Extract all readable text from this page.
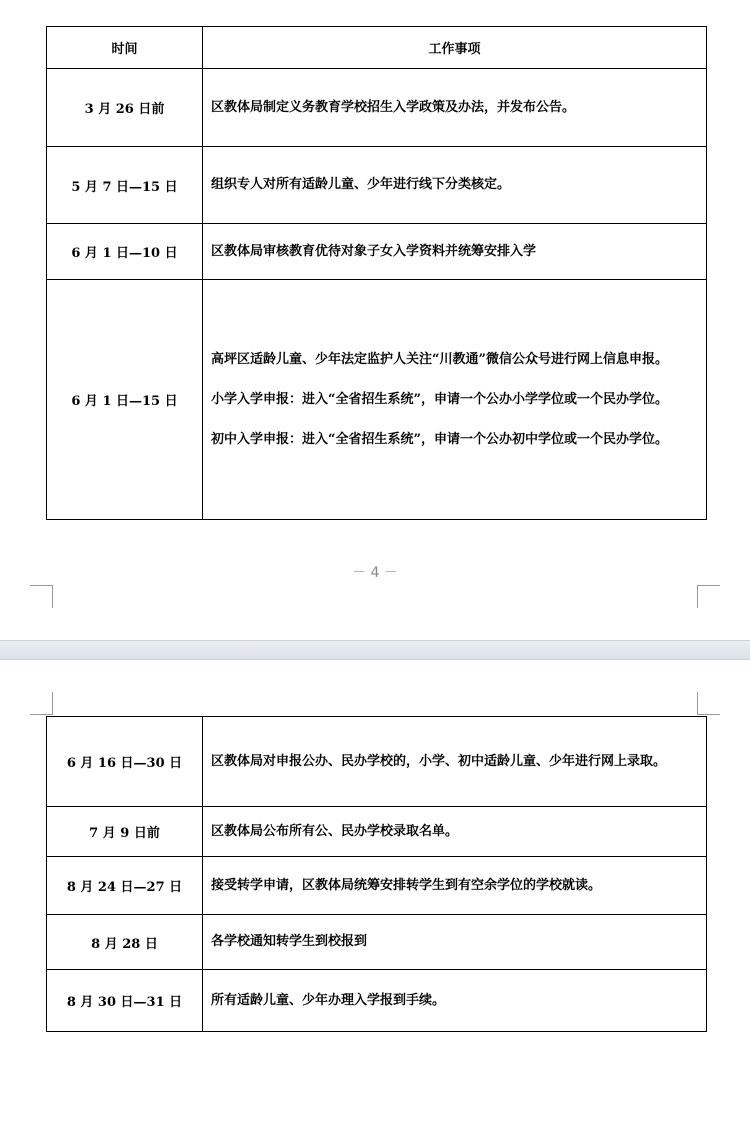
时间	工作事项
3 月 26 日前	区教体局制定义务教育学校招生入学政策及办法，并发布公告。

5 月 7 日—15 日	组织专人对所有适龄儿童、少年进行线下分类核定。

6 月 1 日—10 日	区教体局审核教育优待对象子女入学资料并统筹安排入学

6 月 1 日—15 日	高坪区适龄儿童、少年法定监护人关注“川教通”微信公众号进行网上信息申报。
小学入学申报：进入“全省招生系统”，申请一个公办小学学位或一个民办学位。
初中入学申报：进入“全省招生系统”，申请一个公办初中学位或一个民办学位。
－ 4 －
6 月 16 日—30 日	区教体局对申报公办、民办学校的，小学、初中适龄儿童、少年进行网上录取。

7 月 9 日前	区教体局公布所有公、民办学校录取名单。

8 月 24 日—27 日	接受转学申请，区教体局统筹安排转学生到有空余学位的学校就读。

8 月 28 日	各学校通知转学生到校报到

8 月 30 日—31 日	所有适龄儿童、少年办理入学报到手续。
